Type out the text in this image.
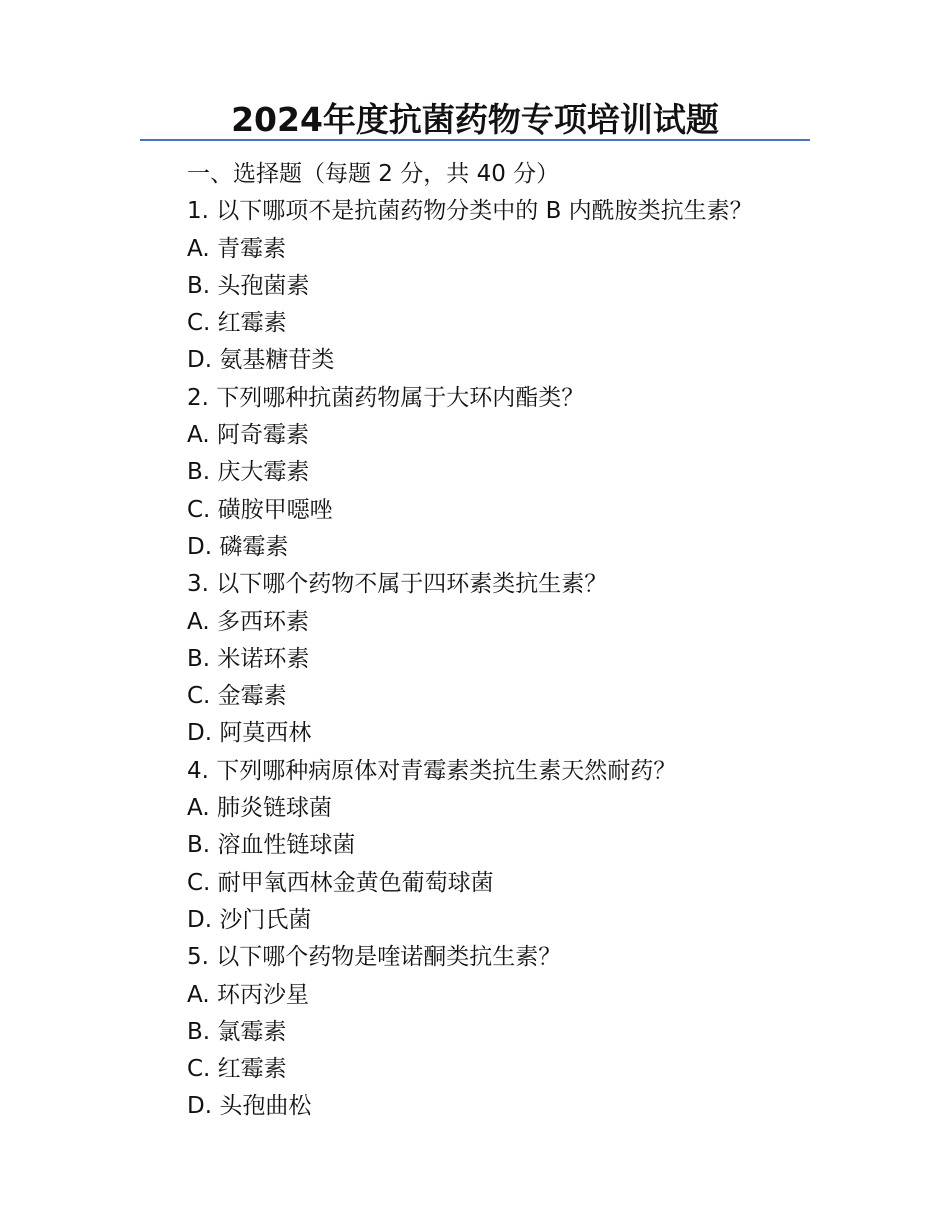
2024年度抗菌药物专项培训试题
一、选择题（每题 2 分，共 40 分）
1. 以下哪项不是抗菌药物分类中的 B 内酰胺类抗生素？
A. 青霉素
B. 头孢菌素
C. 红霉素
D. 氨基糖苷类
2. 下列哪种抗菌药物属于大环内酯类？
A. 阿奇霉素
B. 庆大霉素
C. 磺胺甲噁唑
D. 磷霉素
3. 以下哪个药物不属于四环素类抗生素？
A. 多西环素
B. 米诺环素
C. 金霉素
D. 阿莫西林
4. 下列哪种病原体对青霉素类抗生素天然耐药？
A. 肺炎链球菌
B. 溶血性链球菌
C. 耐甲氧西林金黄色葡萄球菌
D. 沙门氏菌
5. 以下哪个药物是喹诺酮类抗生素？
A. 环丙沙星
B. 氯霉素
C. 红霉素
D. 头孢曲松
